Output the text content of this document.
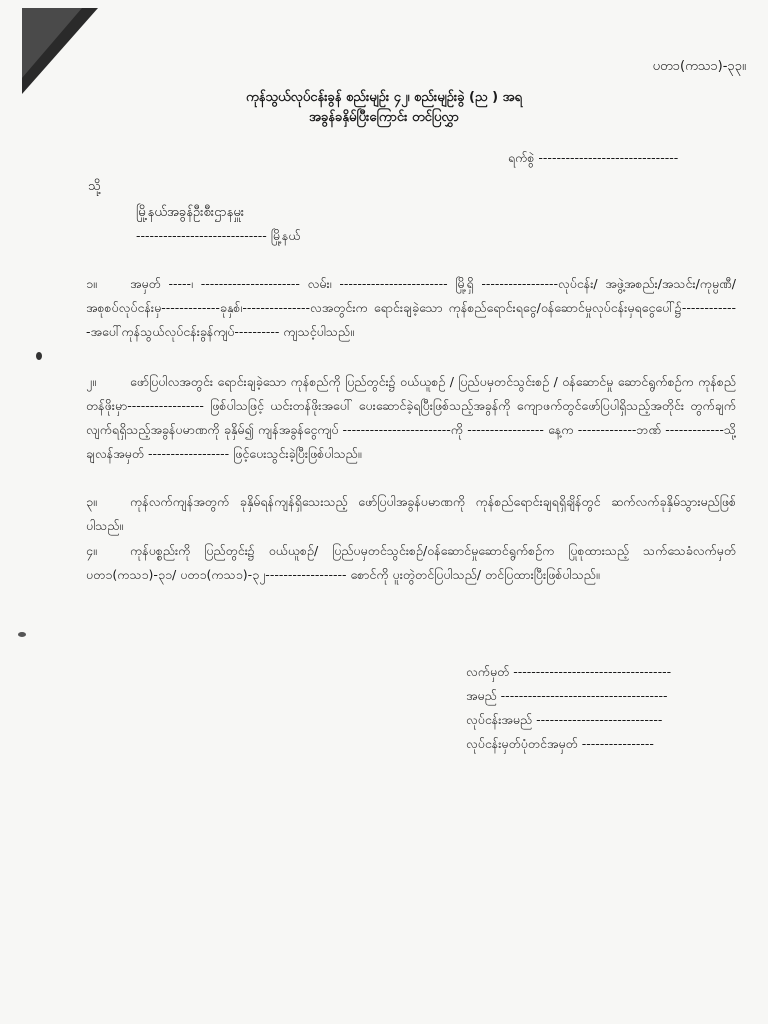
ပတ၁(ကသ၁)-၃၃။
ကုန်သွယ်လုပ်ငန်းခွန် စည်းမျဉ်း ၄၂၊ စည်းမျဉ်းခွဲ (ည ) အရ
အခွန်ခနှိမ်ပြီးကြောင်း တင်ပြလွှာ
ရက်စွဲ -------------------------------
သို့
မြို့နယ်အခွန်ဦးစီးဌာနမှူး
----------------------------- မြို့နယ်
၁။	အမှတ် -----၊ ---------------------- လမ်း၊ ------------------------ မြို့ရှိ -----------------လုပ်ငန်း/ အဖွဲ့အစည်း/အသင်း/ကုမ္ပဏီ/အစုစပ်လုပ်ငန်းမှ-------------ခုနှစ်၊---------------လအတွင်းက ရောင်းချခဲ့သော ကုန်စည်ရောင်းရငွေ/ဝန်ဆောင်မှုလုပ်ငန်းမှရငွေပေါ်၌-------------အပေါ်ကုန်သွယ်လုပ်ငန်းခွန်ကျပ်---------- ကျသင့်ပါသည်။
၂။	ဖော်ပြပါလအတွင်း ရောင်းချခဲ့သော ကုန်စည်ကို ပြည်တွင်း၌ ဝယ်ယူစဉ် / ပြည်ပမှတင်သွင်းစဉ် / ဝန်ဆောင်မှု ဆောင်ရွက်စဉ်က ကုန်စည်တန်ဖိုးမှာ----------------- ဖြစ်ပါသဖြင့် ယင်းတန်ဖိုးအပေါ် ပေးဆောင်ခဲ့ရပြီးဖြစ်သည့်အခွန်ကို ကျောဖက်တွင်ဖော်ပြပါရှိသည့်အတိုင်း တွက်ချက်လျက်ရရှိသည့်အခွန်ပမာဏကို ခုနှိမ်၍ ကျန်အခွန်ငွေကျပ် ------------------------ကို ----------------- နေ့က -------------ဘဏ် -------------သို့ ချလန်အမှတ် ------------------ ဖြင့်ပေးသွင်းခဲ့ပြီးဖြစ်ပါသည်။
၃။	ကုန်လက်ကျန်အတွက် ခုနှိမ်ရန်ကျန်ရှိသေးသည့် ဖော်ပြပါအခွန်ပမာဏကို ကုန်စည်ရောင်းချရရှိချိန်တွင် ဆက်လက်ခုနှိမ်သွားမည်ဖြစ်ပါသည်။
၄။	ကုန်ပစ္စည်းကို ပြည်တွင်း၌ ဝယ်ယူစဉ်/ ပြည်ပမှတင်သွင်းစဉ်/ဝန်ဆောင်မှုဆောင်ရွက်စဉ်က ပြုစုထားသည့် သက်သေခံလက်မှတ် ပတ၁(ကသ၁)-၃၁/ ပတ၁(ကသ၁)-၃၂------------------ စောင်ကို ပူးတွဲတင်ပြပါသည်/ တင်ပြထားပြီးဖြစ်ပါသည်။
လက်မှတ် -----------------------------------
အမည် -------------------------------------
လုပ်ငန်းအမည် ----------------------------
လုပ်ငန်းမှတ်ပုံတင်အမှတ် ----------------
